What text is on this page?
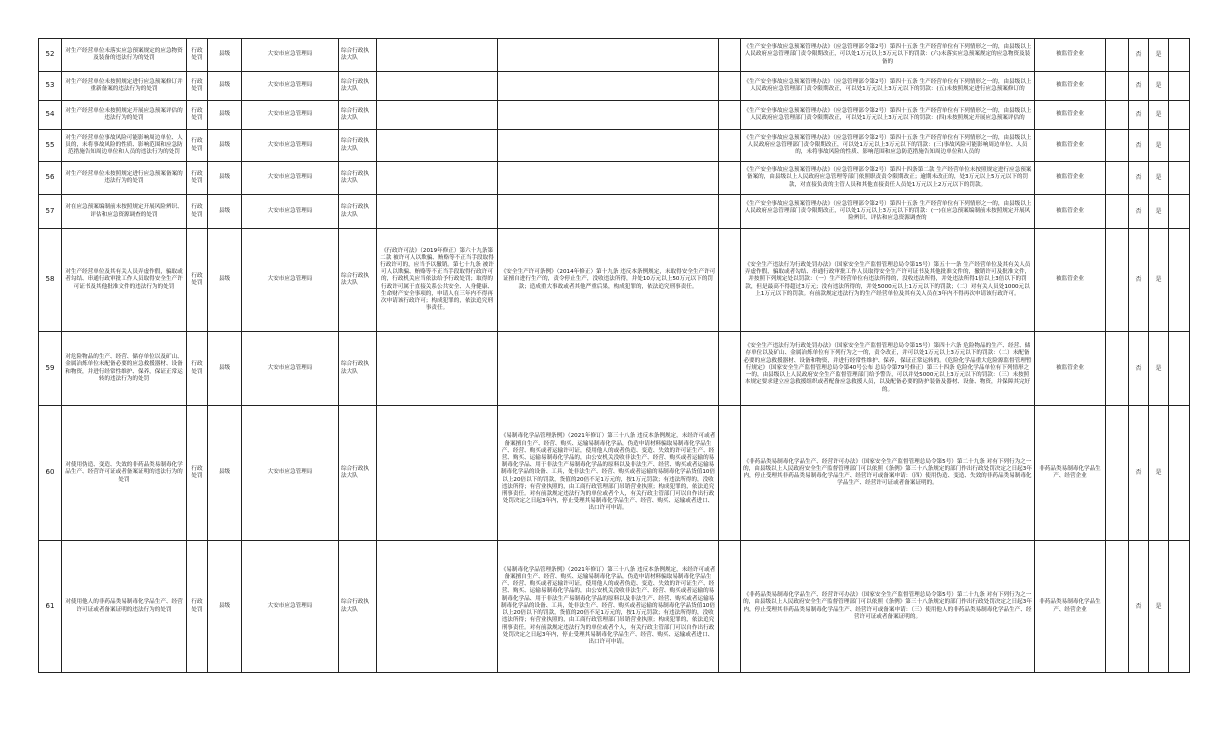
52	对生产经营单位未落实应急预案规定的应急物资及装备的违法行为的处罚	行政处罚	县级	大安市应急管理局	综合行政执法大队				《生产安全事故应急预案管理办法》（应急管理部令第2号）第四十五条 生产经营单位有下列情形之一的，由县级以上人民政府应急管理部门责令限期改正，可以处1万元以上3万元以下的罚款：(六)未落实应急预案规定的应急物资及装备的	被监管企业		否	是	
53	对生产经营单位未按照规定进行应急预案修订并重新备案的违法行为的处罚	行政处罚	县级	大安市应急管理局	综合行政执法大队				《生产安全事故应急预案管理办法》（应急管理部令第2号）第四十五条 生产经营单位有下列情形之一的，由县级以上人民政府应急管理部门责令限期改正，可以处1万元以上3万元以下的罚款：(五)未按照规定进行应急预案修订的	被监管企业		否	是	
54	对生产经营单位未按照规定开展应急预案评估的违法行为的处罚	行政处罚	县级	大安市应急管理局	综合行政执法大队				《生产安全事故应急预案管理办法》（应急管理部令第2号）第四十五条 生产经营单位有下列情形之一的，由县级以上人民政府应急管理部门责令限期改正，可以处1万元以上3万元以下的罚款：(四)未按照规定开展应急预案评估的	被监管企业		否	是	
55	对生产经营单位事故风险可能影响周边单位、人员的，未将事故风险的性质、影响范围和应急防范措施告知周边单位和人员的违法行为的处罚	行政处罚	县级	大安市应急管理局	综合行政执法大队				《生产安全事故应急预案管理办法》（应急管理部令第2号）第四十五条 生产经营单位有下列情形之一的，由县级以上人民政府应急管理部门责令限期改正，可以处1万元以上3万元以下的罚款：(三)事故风险可能影响周边单位、人员的，未将事故风险的性质、影响范围和应急防范措施告知周边单位和人员的	被监管企业		否	是	
56	对生产经营单位未按照规定进行应急预案备案的违法行为的处罚	行政处罚	县级	大安市应急管理局	综合行政执法大队				《生产安全事故应急预案管理办法》（应急管理部令第2号）第四十四条第二款 生产经营单位未按照规定进行应急预案备案的，由县级以上人民政府应急管理等部门依照职责责令限期改正；逾期未改正的，处3万元以上5万元以下的罚款，对直接负责的主管人员和其他直接责任人员处1万元以上2万元以下的罚款。	被监管企业		否	是	
57	对在应急预案编制前未按照规定开展风险辨识、评估和应急资源调查的处罚	行政处罚	县级	大安市应急管理局	综合行政执法大队				《生产安全事故应急预案管理办法》（应急管理部令第2号）第四十五条 生产经营单位有下列情形之一的，由县级以上人民政府应急管理部门责令限期改正，可以处1万元以上3万元以下的罚款：(一)在应急预案编制前未按照规定开展风险辨识、评估和应急资源调查的	被监管企业		否	是	
58	对生产经营单位及其有关人员弄虚作假，骗取或者勾结、串通行政审批工作人员取得安全生产许可证书及其他批准文件的违法行为的处罚	行政处罚	县级	大安市应急管理局	综合行政执法大队	《行政许可法》（2019年修正）第六十九条第二款 被许可人以欺骗、贿赂等不正当手段取得行政许可的，应当予以撤销。第七十九条 被许可人以欺骗、贿赂等不正当手段取得行政许可的，行政机关应当依法给予行政处罚；取得的行政许可属于直接关系公共安全、人身健康、生命财产安全事项的，申请人在三年内不得再次申请该行政许可；构成犯罪的，依法追究刑事责任。	《安全生产许可条例》（2014年修正）第十九条 违反本条例规定，未取得安全生产许可证擅自进行生产的，责令停止生产，没收违法所得，并处10万元以上50万元以下的罚款；造成重大事故或者其他严重后果，构成犯罪的，依法追究刑事责任。		《安全生产违法行为行政处罚办法》（国家安全生产监督管理总局令第15号）第五十一条 生产经营单位及其有关人员弄虚作假，骗取或者勾结、串通行政审批工作人员取得安全生产许可证书及其他批准文件的，撤销许可及批准文件，并按照下列规定处以罚款：（一）生产经营单位有违法所得的，没收违法所得，并处违法所得1倍以上3倍以下的罚款，但是最高不得超过3万元；没有违法所得的，并处5000元以上1万元以下的罚款；（二）对有关人员处1000元以上1万元以下的罚款。有前款规定违法行为的生产经营单位及其有关人员在3年内不得再次申请该行政许可。	被监管企业		否	是	
59	对危险物品的生产、经营、储存单位以及矿山、金属冶炼单位未配备必要的应急救援器材、设备和物资，并进行经常性维护、保养，保证正常运转的违法行为的处罚	行政处罚	县级	大安市应急管理局	综合行政执法大队				《安全生产违法行为行政处罚办法》（国家安全生产监督管理总局令第15号）第四十六条 危险物品的生产、经营、储存单位以及矿山、金属冶炼单位有下列行为之一的，责令改正，并可以处1万元以上3万元以下的罚款：（二）未配备必要的应急救援器材、设备和物资，并进行经常性维护、保养，保证正常运转的。《危险化学品重大危险源监督管理暂行规定》（国家安全生产监督管理总局令第40号公布 总局令第79号修正）第三十四条 危险化学品单位有下列情形之一的，由县级以上人民政府安全生产监督管理部门给予警告，可以并处5000元以上3万元以下的罚款：（三）未按照本规定要求建立应急救援组织或者配备应急救援人员，以及配备必要的防护装备及器材、设备、物资，并保障其完好的。	被监管企业		否	是	
60	对使用伪造、变造、失效的非药品类易制毒化学品生产、经营许可证或者备案证明的违法行为的处罚	行政处罚	县级	大安市应急管理局	综合行政执法大队		《易制毒化学品管理条例》（2021年修订）第三十八条 违反本条例规定，未经许可或者备案擅自生产、经营、购买、运输易制毒化学品，伪造申请材料骗取易制毒化学品生产、经营、购买或者运输许可证，使用他人的或者伪造、变造、失效的许可证生产、经营、购买、运输易制毒化学品的，由公安机关没收非法生产、经营、购买或者运输的易制毒化学品、用于非法生产易制毒化学品的原料以及非法生产、经营、购买或者运输易制毒化学品的设备、工具，处非法生产、经营、购买或者运输的易制毒化学品货值10倍以上20倍以下的罚款，货值的20倍不足1万元的，按1万元罚款；有违法所得的，没收违法所得；有营业执照的，由工商行政管理部门吊销营业执照；构成犯罪的，依法追究刑事责任。对有前款规定违法行为的单位或者个人，有关行政主管部门可以自作出行政处罚决定之日起3年内，停止受理其易制毒化学品生产、经营、购买、运输或者进口、出口许可申请。		《非药品类易制毒化学品生产、经营许可办法》（国家安全生产监督管理总局令第5号）第二十九条 对有下列行为之一的，由县级以上人民政府安全生产监督管理部门可以依照《条例》第三十八条规定的部门作出行政处罚决定之日起3年内，停止受理其非药品类易制毒化学品生产、经营许可或备案申请：（四）使用伪造、变造、失效的非药品类易制毒化学品生产、经营许可证或者备案证明的。	非药品类易制毒化学品生产、经营企业		否	是	
61	对使用他人的非药品类易制毒化学品生产、经营许可证或者备案证明的违法行为的处罚	行政处罚	县级	大安市应急管理局	综合行政执法大队		《易制毒化学品管理条例》（2021年修订）第三十八条 违反本条例规定，未经许可或者备案擅自生产、经营、购买、运输易制毒化学品，伪造申请材料骗取易制毒化学品生产、经营、购买或者运输许可证，使用他人的或者伪造、变造、失效的许可证生产、经营、购买、运输易制毒化学品的，由公安机关没收非法生产、经营、购买或者运输的易制毒化学品、用于非法生产易制毒化学品的原料以及非法生产、经营、购买或者运输易制毒化学品的设备、工具，处非法生产、经营、购买或者运输的易制毒化学品货值10倍以上20倍以下的罚款，货值的20倍不足1万元的，按1万元罚款；有违法所得的，没收违法所得；有营业执照的，由工商行政管理部门吊销营业执照；构成犯罪的，依法追究刑事责任。对有前款规定违法行为的单位或者个人，有关行政主管部门可以自作出行政处罚决定之日起3年内，停止受理其易制毒化学品生产、经营、购买、运输或者进口、出口许可申请。		《非药品类易制毒化学品生产、经营许可办法》（国家安全生产监督管理总局令第5号）第二十九条 对有下列行为之一的，由县级以上人民政府安全生产监督管理部门可以依照《条例》第三十八条规定的部门作出行政处罚决定之日起3年内，停止受理其非药品类易制毒化学品生产、经营许可或备案申请：（三）使用他人的非药品类易制毒化学品生产、经营许可证或者备案证明的。	非药品类易制毒化学品生产、经营企业		否	是	
